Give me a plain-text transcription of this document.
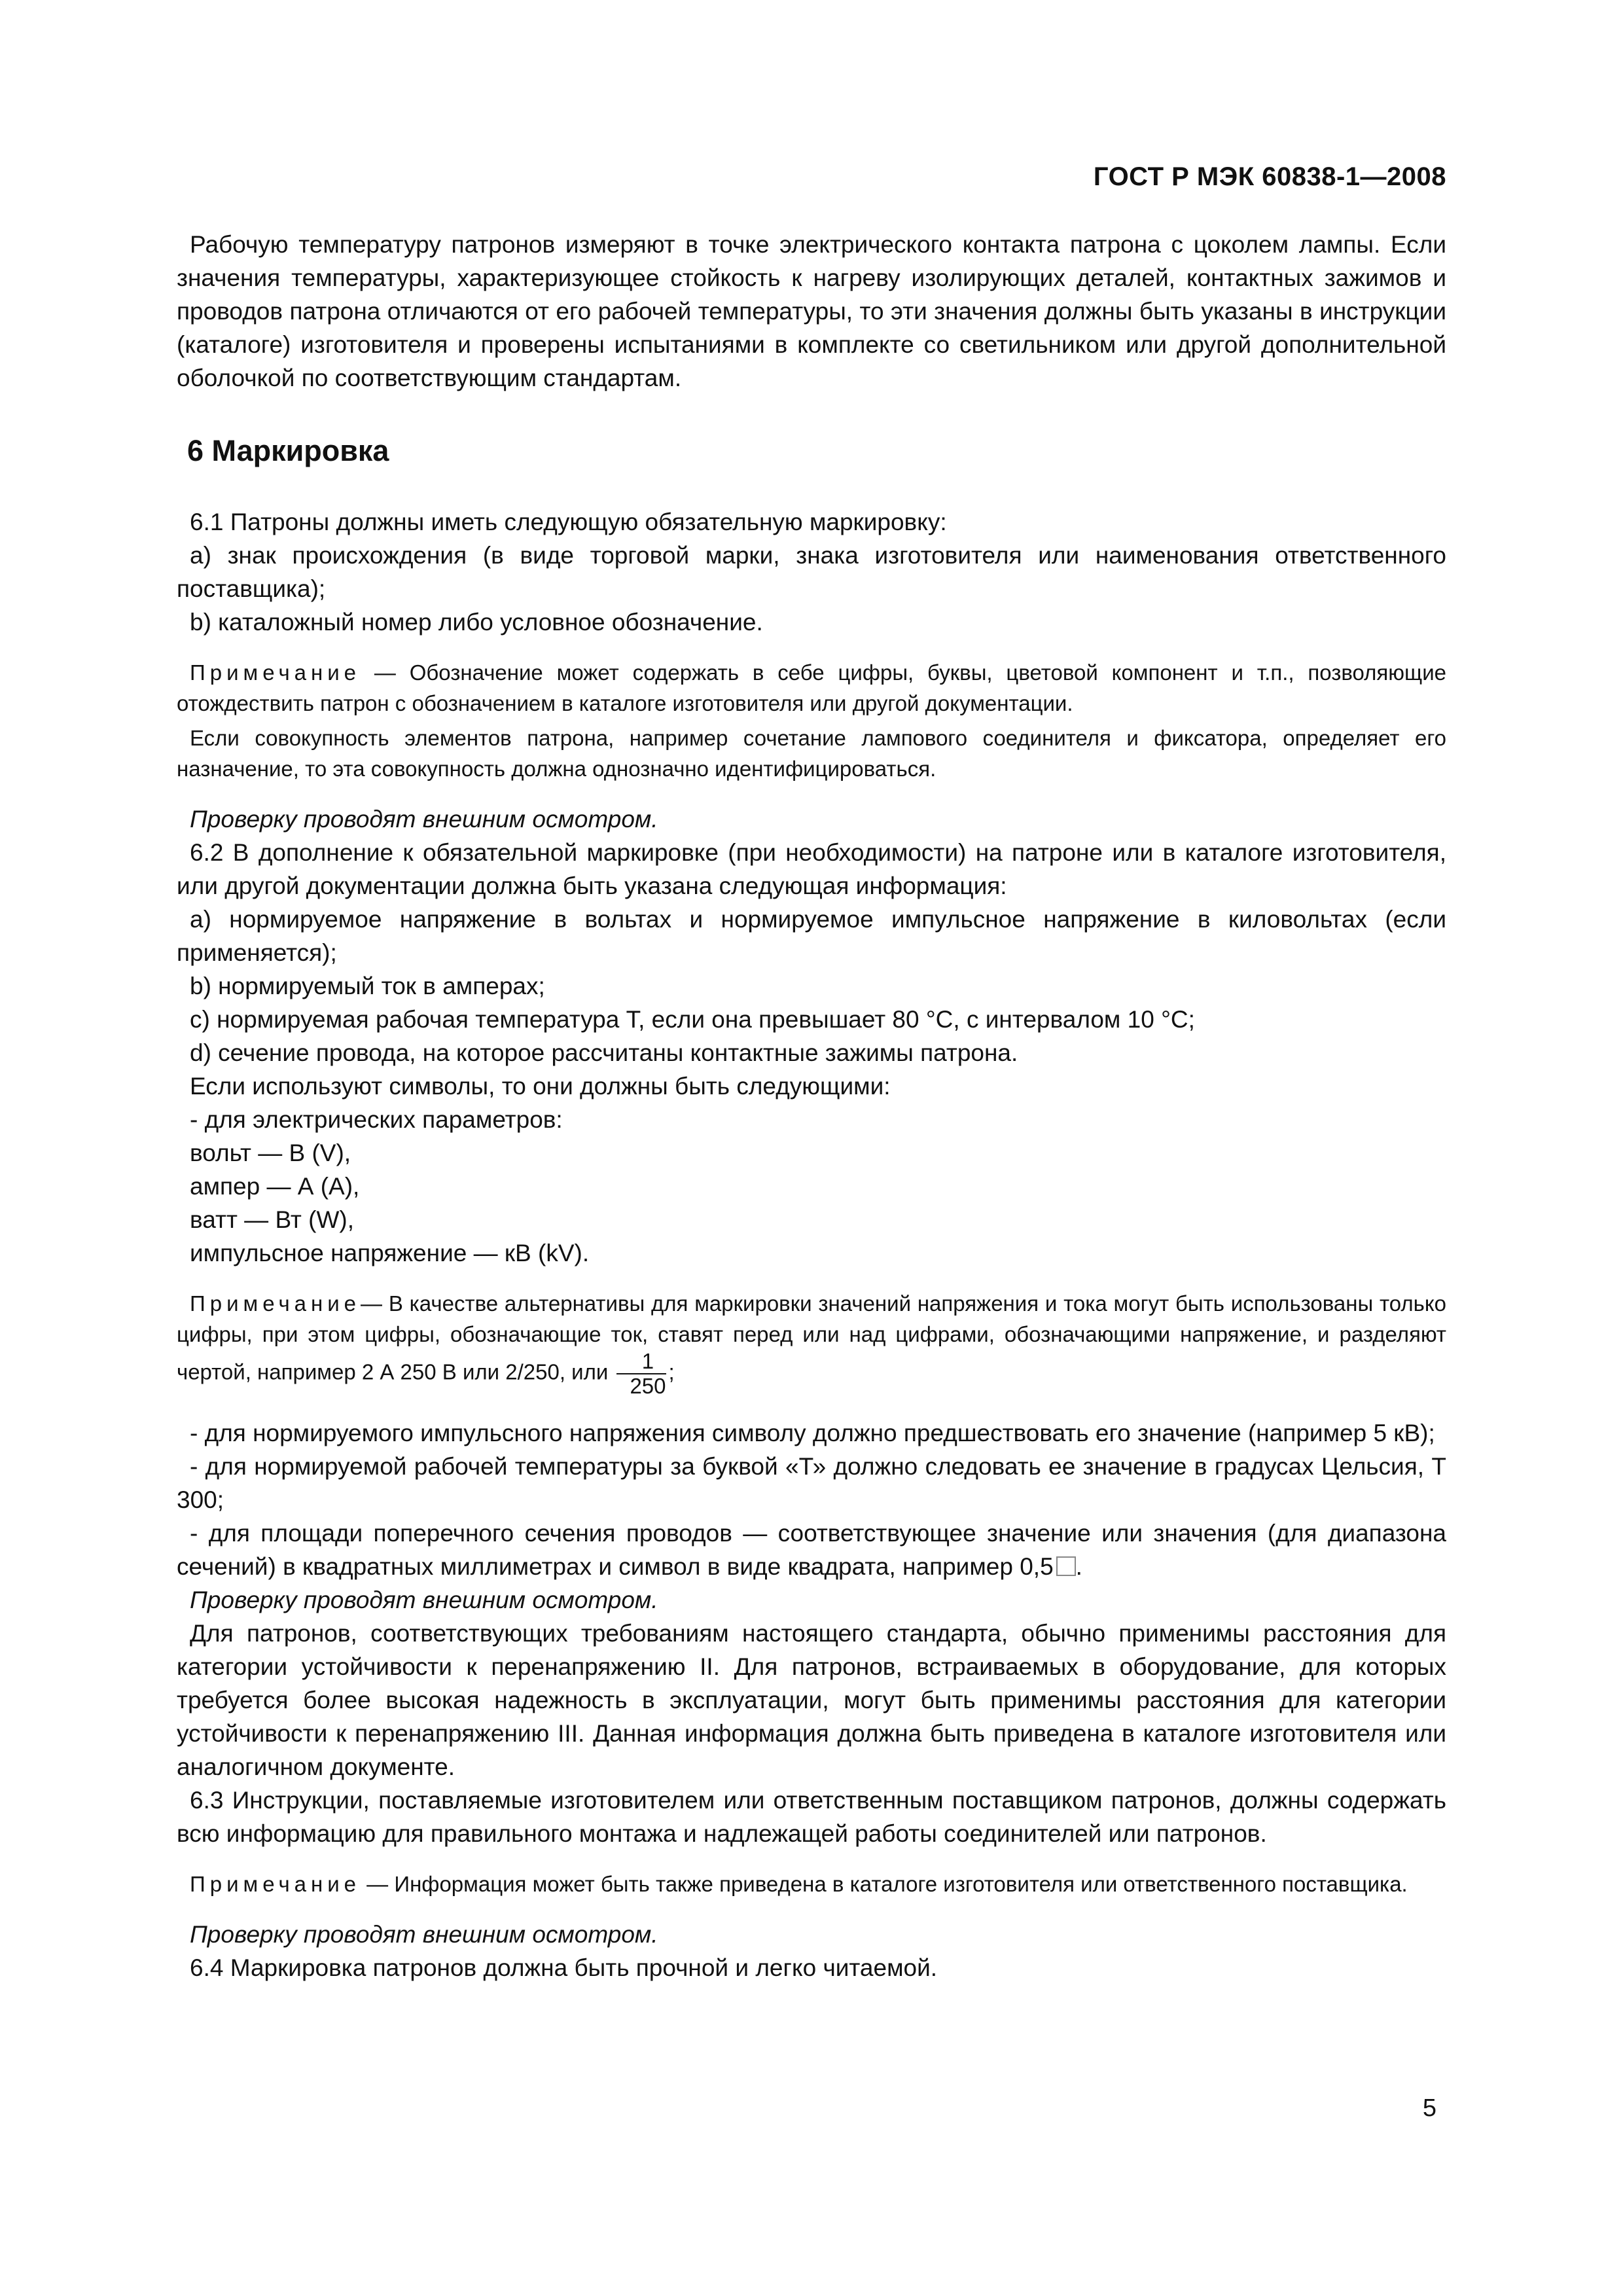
ГОСТ Р МЭК 60838-1—2008

Рабочую температуру патронов измеряют в точке электрического контакта патрона с цоколем лампы. Если значения температуры, характеризующее стойкость к нагреву изолирующих деталей, контактных зажимов и проводов патрона отличаются от его рабочей температуры, то эти значения должны быть указаны в инструкции (каталоге) изготовителя и проверены испытаниями в комплекте со светильником или другой дополнительной оболочкой по соответствующим стандартам.

6 Маркировка

6.1 Патроны должны иметь следующую обязательную маркировку:

а) знак происхождения (в виде торговой марки, знака изготовителя или наименования ответственного поставщика);

b) каталожный номер либо условное обозначение.

Примечание — Обозначение может содержать в себе цифры, буквы, цветовой компонент и т.п., позволяющие отождествить патрон с обозначением в каталоге изготовителя или другой документации.

Если совокупность элементов патрона, например сочетание лампового соединителя и фиксатора, определяет его назначение, то эта совокупность должна однозначно идентифицироваться.

Проверку проводят внешним осмотром.

6.2 В дополнение к обязательной маркировке (при необходимости) на патроне или в каталоге изготовителя, или другой документации должна быть указана следующая информация:

а) нормируемое напряжение в вольтах и нормируемое импульсное напряжение в киловольтах (если применяется);

b) нормируемый ток в амперах;

с) нормируемая рабочая температура T, если она превышает 80 °С, с интервалом 10 °С;

d) сечение провода, на которое рассчитаны контактные зажимы патрона.

Если используют символы, то они должны быть следующими:

- для электрических параметров:

вольт — В (V),

ампер — А (А),

ватт — Вт (W),

импульсное напряжение — кВ (kV).

Примечание— В качестве альтернативы для маркировки значений напряжения и тока могут быть использованы только цифры, при этом цифры, обозначающие ток, ставят перед или над цифрами, обозначающими напряжение, и разделяют чертой, например 2 А 250 В или 2/250, или $\frac{1}{250}$ ;

- для нормируемого импульсного напряжения символу должно предшествовать его значение (например 5 кВ);

- для нормируемой рабочей температуры за буквой «Т» должно следовать ее значение в градусах Цельсия, Т 300;

- для площади поперечного сечения проводов — соответствующее значение или значения (для диапазона сечений) в квадратных миллиметрах и символ в виде квадрата, например 0,5 .

Проверку проводят внешним осмотром.

Для патронов, соответствующих требованиям настоящего стандарта, обычно применимы расстояния для категории устойчивости к перенапряжению II. Для патронов, встраиваемых в оборудование, для которых требуется более высокая надежность в эксплуатации, могут быть применимы расстояния для категории устойчивости к перенапряжению III. Данная информация должна быть приведена в каталоге изготовителя или аналогичном документе.

6.3 Инструкции, поставляемые изготовителем или ответственным поставщиком патронов, должны содержать всю информацию для правильного монтажа и надлежащей работы соединителей или патронов.

Примечание — Информация может быть также приведена в каталоге изготовителя или ответственного поставщика.

Проверку проводят внешним осмотром.

6.4 Маркировка патронов должна быть прочной и легко читаемой.

5
